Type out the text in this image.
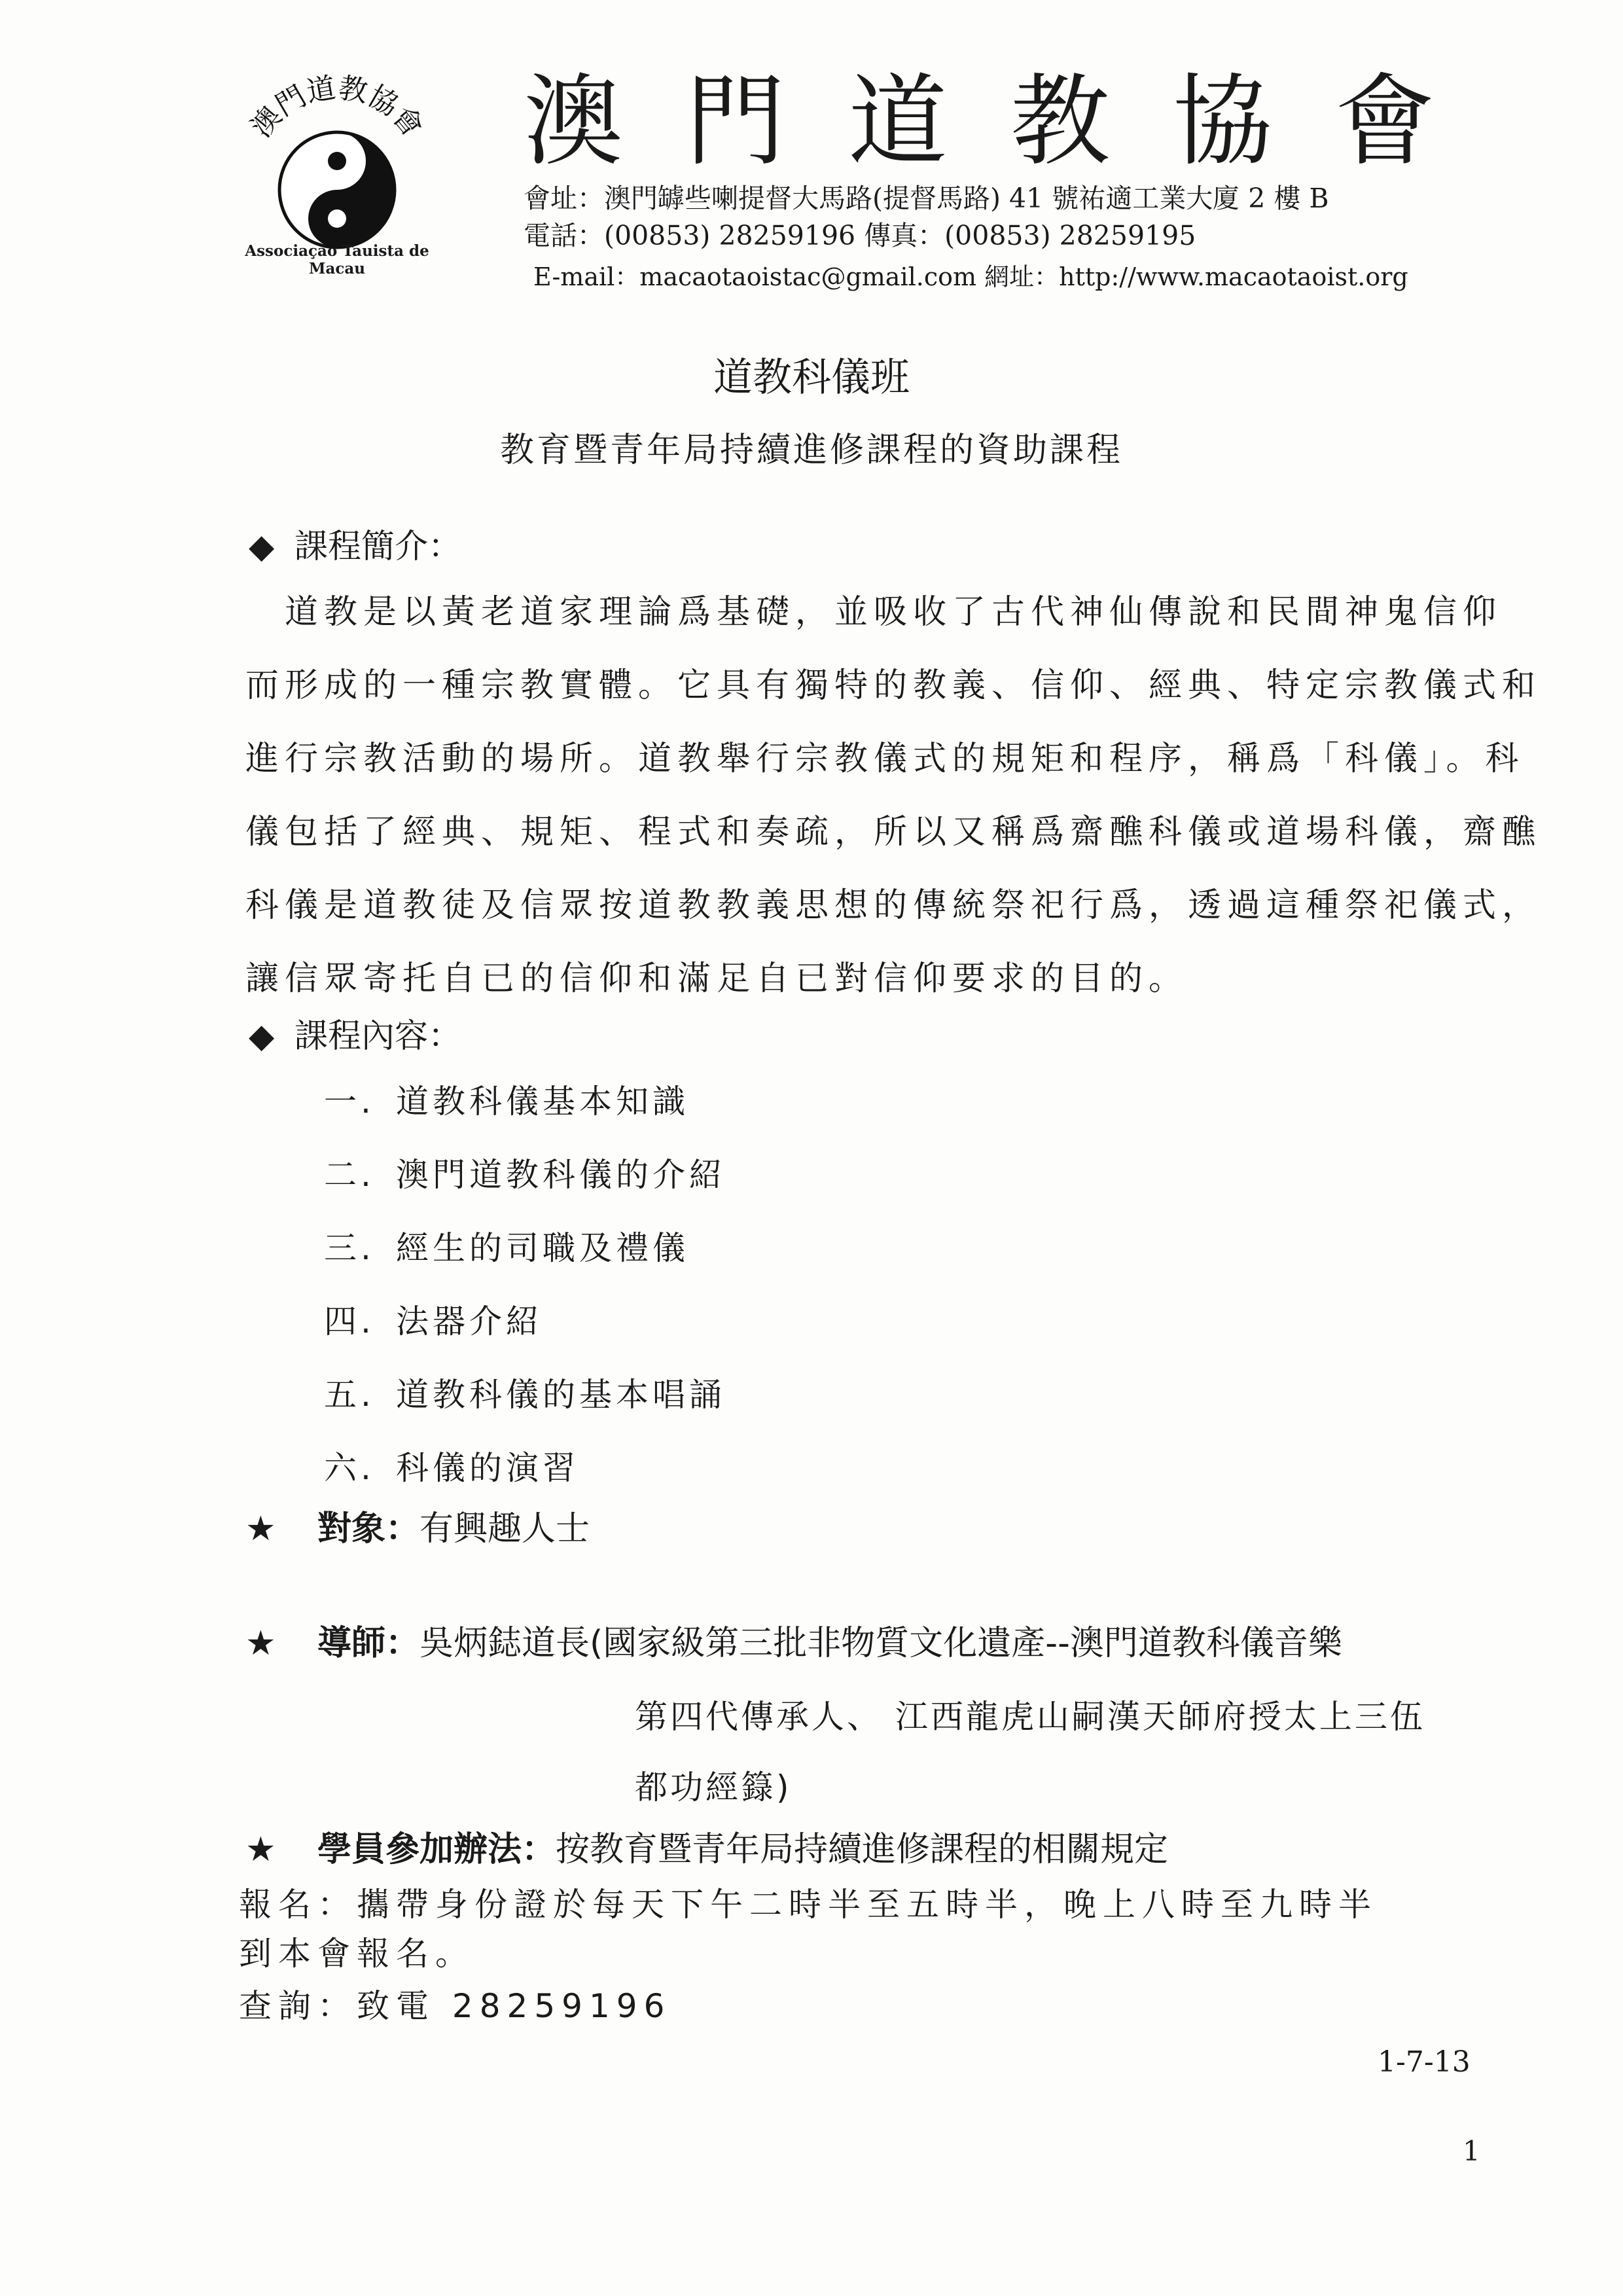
澳門道教協會
Associação Tauista de Macau
澳門道教協會
會址：澳門罅些喇提督大馬路(提督馬路) 41 號祐適工業大廈 2 樓 B
電話：(00853) 28259196 傳真：(00853) 28259195
E-mail：macaotaoistac@gmail.com 網址：http://www.macaotaoist.org
道教科儀班
教育暨青年局持續進修課程的資助課程
◆ 課程簡介：
　道教是以黃老道家理論爲基礎，並吸收了古代神仙傳說和民間神鬼信仰
而形成的一種宗教實體。它具有獨特的教義、信仰、經典、特定宗教儀式和
進行宗教活動的場所。道教舉行宗教儀式的規矩和程序，稱爲「科儀」。科
儀包括了經典、規矩、程式和奏疏，所以又稱爲齋醮科儀或道場科儀，齋醮
科儀是道教徒及信眾按道教教義思想的傳統祭祀行爲，透過這種祭祀儀式，
讓信眾寄托自已的信仰和滿足自已對信仰要求的目的。
◆ 課程內容：
一. 道教科儀基本知識
二. 澳門道教科儀的介紹
三. 經生的司職及禮儀
四. 法器介紹
五. 道教科儀的基本唱誦
六. 科儀的演習
★ 對象：有興趣人士
★ 導師：吳炳鋕道長(國家級第三批非物質文化遺產--澳門道教科儀音樂
第四代傳承人、 江西龍虎山嗣漢天師府授太上三伍
都功經籙)
★ 學員參加辦法：按教育暨青年局持續進修課程的相關規定
報名：攜帶身份證於每天下午二時半至五時半，晚上八時至九時半
到本會報名。
查詢：致電 28259196
1-7-13
1
